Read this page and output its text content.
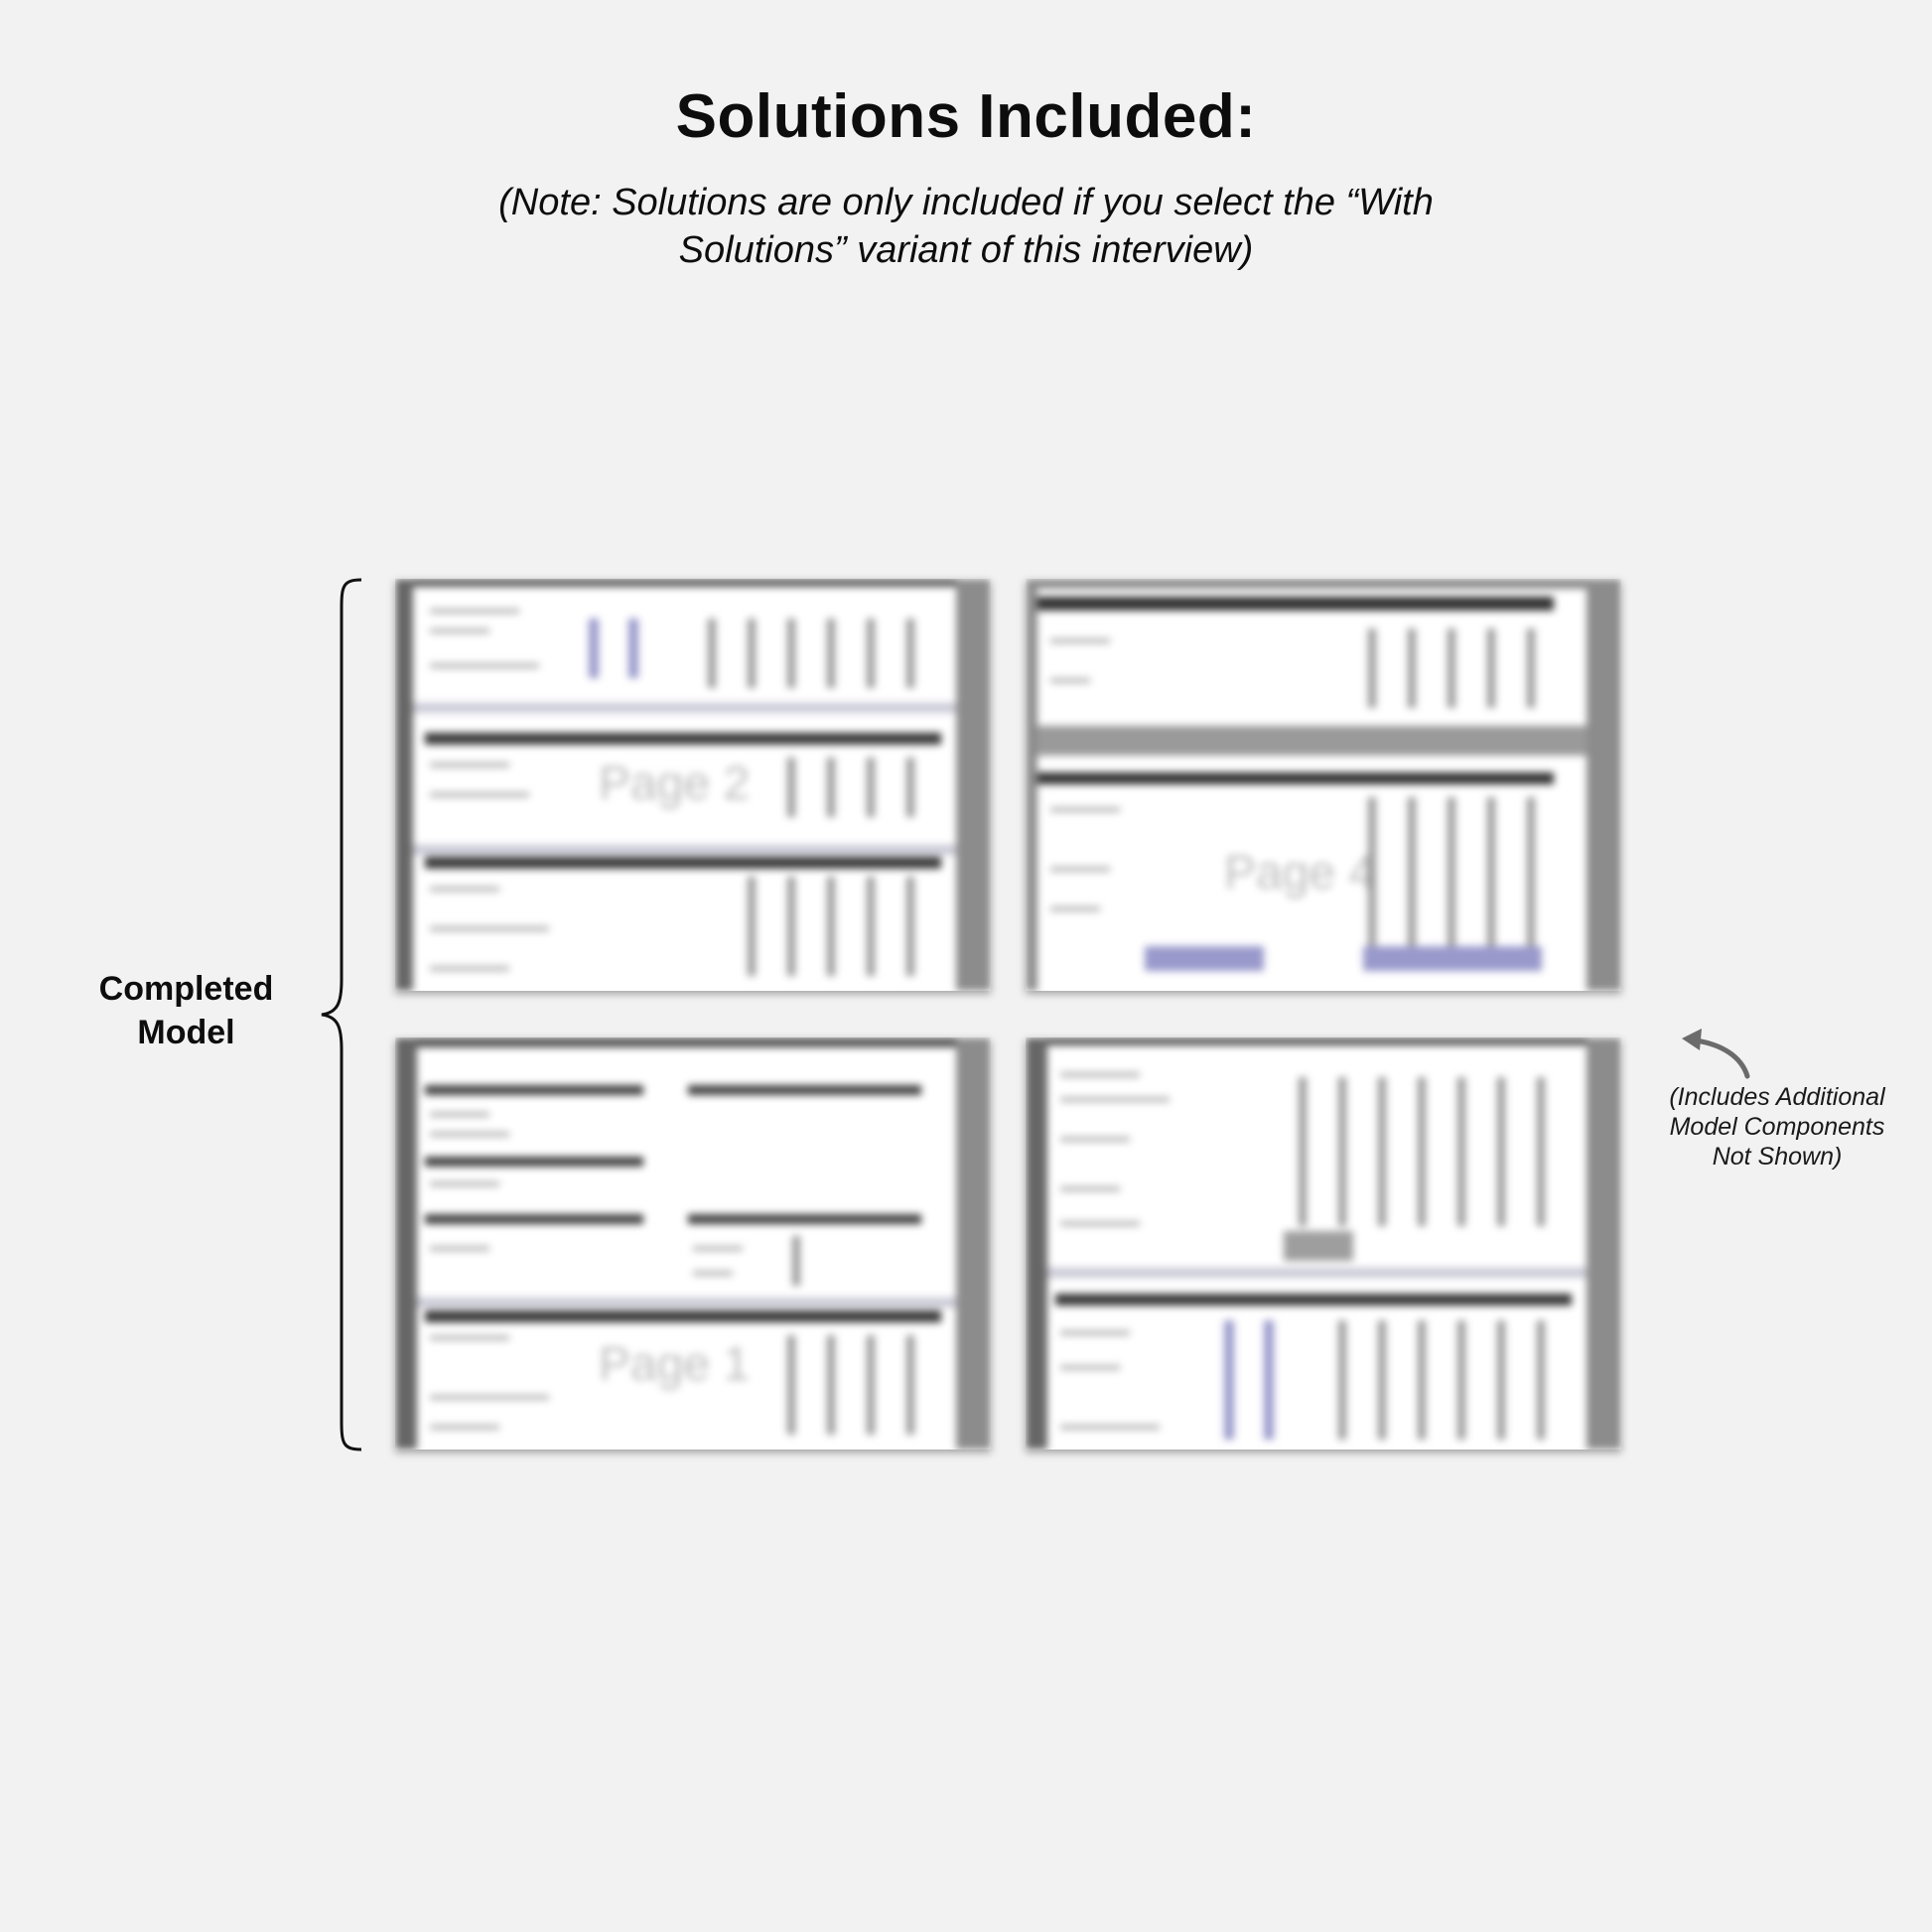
Solutions Included:
(Note: Solutions are only included if you select the “With
Solutions” variant of this interview)
Completed
Model
Page 2
Page 4
Page 1
(Includes Additional
Model Components
Not Shown)
